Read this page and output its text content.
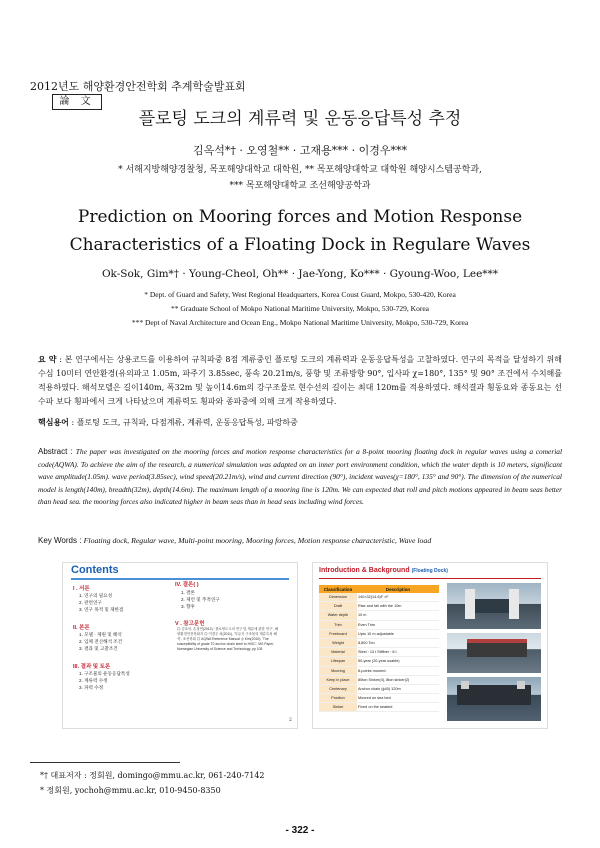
2012년도 해양환경안전학회 추계학술발표회
論 文
플로팅 도크의 계류력 및 운동응답특성 추정
김옥석*† · 오영철** · 고재용*** · 이경우***
* 서해지방해양경찰청, 목포해양대학교 대학원, ** 목포해양대학교 대학원 해양시스템공학과,
*** 목포해양대학교 조선해양공학과
Prediction on Mooring forces and Motion Response Characteristics of a Floating Dock in Regulare Waves
Ok-Sok, Gim*† · Young-Cheol, Oh** · Jae-Yong, Ko*** · Gyoung-Woo, Lee***
* Dept. of Guard and Safety, West Regional Headquarters, Korea Coust Guard, Mokpo, 530-420, Korea
** Graduate School of Mokpo National Maritime University, Mokpo, 530-729, Korea
*** Dept of Naval Architecture and Ocean Eng., Mokpo National Maritime University, Mokpo, 530-729, Korea
요 약 : 본 연구에서는 상용코드를 이용하여 규칙파중 8점 계류중인 플로팅 도크의 계류력과 운동응답특성을 고찰하였다. 연구의 목적을 달성하기 위해 수심 10미터 연안환경(유의파고 1.05m, 파주기 3.85sec, 풍속 20.21m/s, 풍향 및 조류방향 90°, 입사파 χ=180°, 135° 및 90° 조건에서 수치해를 적용하였다. 해석모델은 길이140m, 폭32m 및 높이14.6m의 강구조물로 현수선의 길이는 최대 120m를 적용하였다. 해석결과 횡동요와 종동요는 선수파 보다 횡파에서 크게 나타났으며 계류력도 횡파와 종파중에 의해 크게 작용하였다.
핵심용어 : 플로팅 도크, 규칙파, 다점계류, 계류력, 운동응답특성, 파랑하중
Abstract : The paper was investigated on the mooring forces and motion response characteristics for a 8-point mooring floating dock in regular waves using a comerial code(AQWA). To achieve the aim of the research, a numerical simulation was adapted on an inner port environment condition, which the water depth is 10 meters, significant wave amplitude(1.05m). wave period(3.85sec), wind speed(20.21m/s), wind and current direction (90°), incident waves(χ=180°, 135° and 90°). The dimension of the numerical model is length(140m), breadth(32m), depth(14.6m). The maximum length of a mooring line is 120m. We can expected that roll and pitch motions appeared in beam seas better than head sea. the mooring forces also indicated higher in beam seas than in head seas including wind forces.
Key Words : Floating dock, Regular wave, Multi-point mooring, Mooring forces, Motion response characteristic, Wave load
Contents
I . 서론
1. 연구의 필요성
2. 관련연구
3. 연구 목적 및 제한점
II. 본론
1. 모델 · 제원 및 해석
2. 입체 전산해석 조건
3. 결과 및 고찰조건
III. 결과 및 토론
1. 구조물의 운동응답특성
2. 계류력 수정
3. 파력 수정
IV. 결론( )
1. 결론
2. 제언 및 추적연구
3. 향후
V . 참고문헌
◎ 김옥석, 손창연(2012), '플로팅도크의 연구 및 계류에 관한 연구', 해양환경안전학회지 ◎ 이경우 외(2011), '부유식 구조물의 계류특성 해석', 조선학회 ◎ AQWA Reference Manual ◎ Kim(2010), 'The susceptibility of grade T0 anchor chain steel to HISC', MS Paper, Norwegian University of Science and Technology, pp 105
2
Introduction & Background (Floating Dock)
Classification	Description
Dimension	140×32(14.6)F ×F
Draft	Rise and fall with the 10m
Water depth	10 m
Trim	Even Trim
Freeboard	Upto 10 m adjustable
Weight	8,800 Ton
Material	Steel : 13 t Stiffner : 8 t
Lifespan	50-year (20-year usable)
Mooring	8-points moored
Keep in place	80ton Sinker(4), 8ton sinker(2)
Centenary	Anchor chain (ϕ40) 120m
Position	Moored on sea bed
Sinker	Fixed on the seabed
*† 대표저자 : 정회원, domingo@mmu.ac.kr, 061-240-7142
* 정회원, yochoh@mmu.ac.kr, 010-9450-8350
- 322 -
